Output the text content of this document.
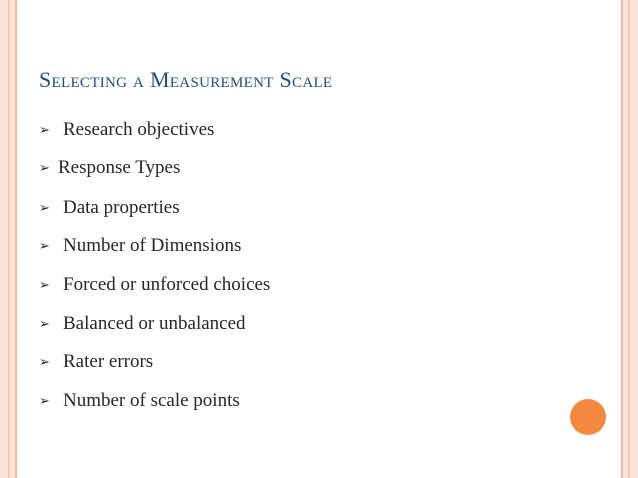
Selecting a Measurement Scale
➢ Research objectives
➢ Response Types
➢ Data properties
➢ Number of Dimensions
➢ Forced or unforced choices
➢ Balanced or unbalanced
➢ Rater errors
➢ Number of scale points
